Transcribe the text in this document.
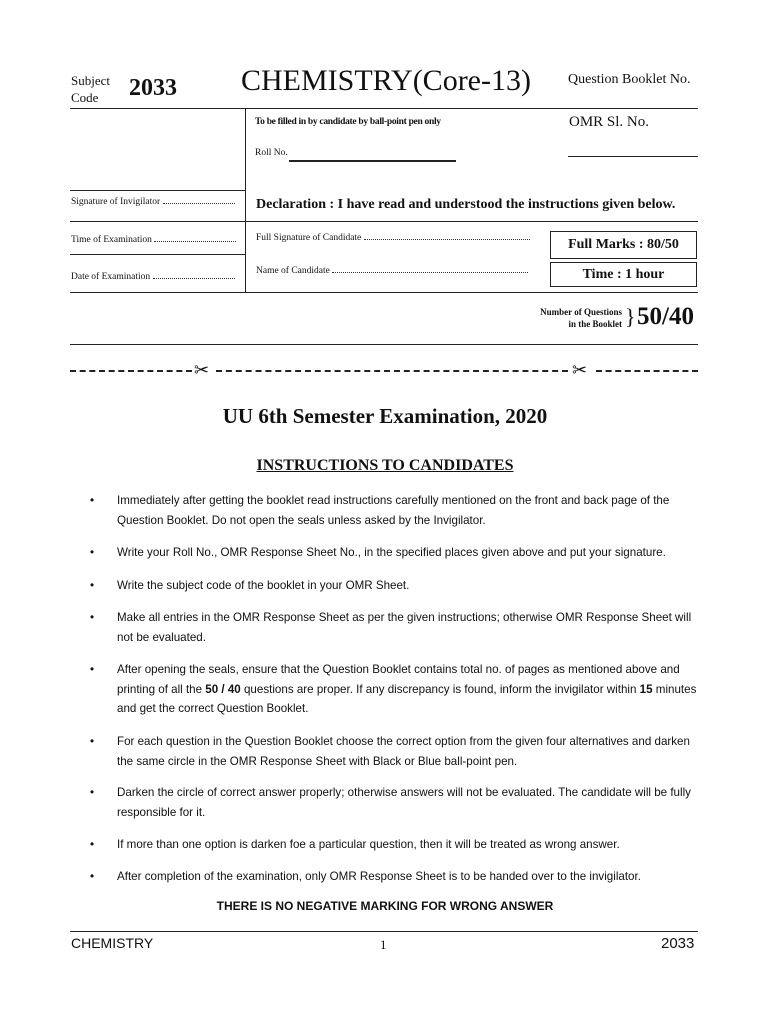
Subject
Code	2033 CHEMISTRY(Core-13)	Question Booklet No.
To be filled in by candidate by ball-point pen only	OMR Sl. No.
Roll No.
Signature of Invigilator	Declaration : I have read and understood the instructions given below.
Time of Examination	Full Signature of Candidate	Full Marks : 80/50
Date of Examination
Name of Candidate	Time : 1 hour
Number of Questions
in the Booklet } 50/40
✂	✂
UU 6th Semester Examination, 2020
INSTRUCTIONS TO CANDIDATES
• Immediately after getting the booklet read instructions carefully mentioned on the front and back page of the Question Booklet. Do not open the seals unless asked by the Invigilator.
• Write your Roll No., OMR Response Sheet No., in the specified places given above and put your signature.
• Write the subject code of the booklet in your OMR Sheet.
• Make all entries in the OMR Response Sheet as per the given instructions; otherwise OMR Response Sheet will not be evaluated.
• After opening the seals, ensure that the Question Booklet contains total no. of pages as mentioned above and printing of all the 50 / 40 questions are proper. If any discrepancy is found, inform the invigilator within 15 minutes and get the correct Question Booklet.
• For each question in the Question Booklet choose the correct option from the given four alternatives and darken the same circle in the OMR Response Sheet with Black or Blue ball-point pen.
• Darken the circle of correct answer properly; otherwise answers will not be evaluated. The candidate will be fully responsible for it.
• If more than one option is darken foe a particular question, then it will be treated as wrong answer.
• After completion of the examination, only OMR Response Sheet is to be handed over to the invigilator.
THERE IS NO NEGATIVE MARKING FOR WRONG ANSWER
CHEMISTRY	1	2033
